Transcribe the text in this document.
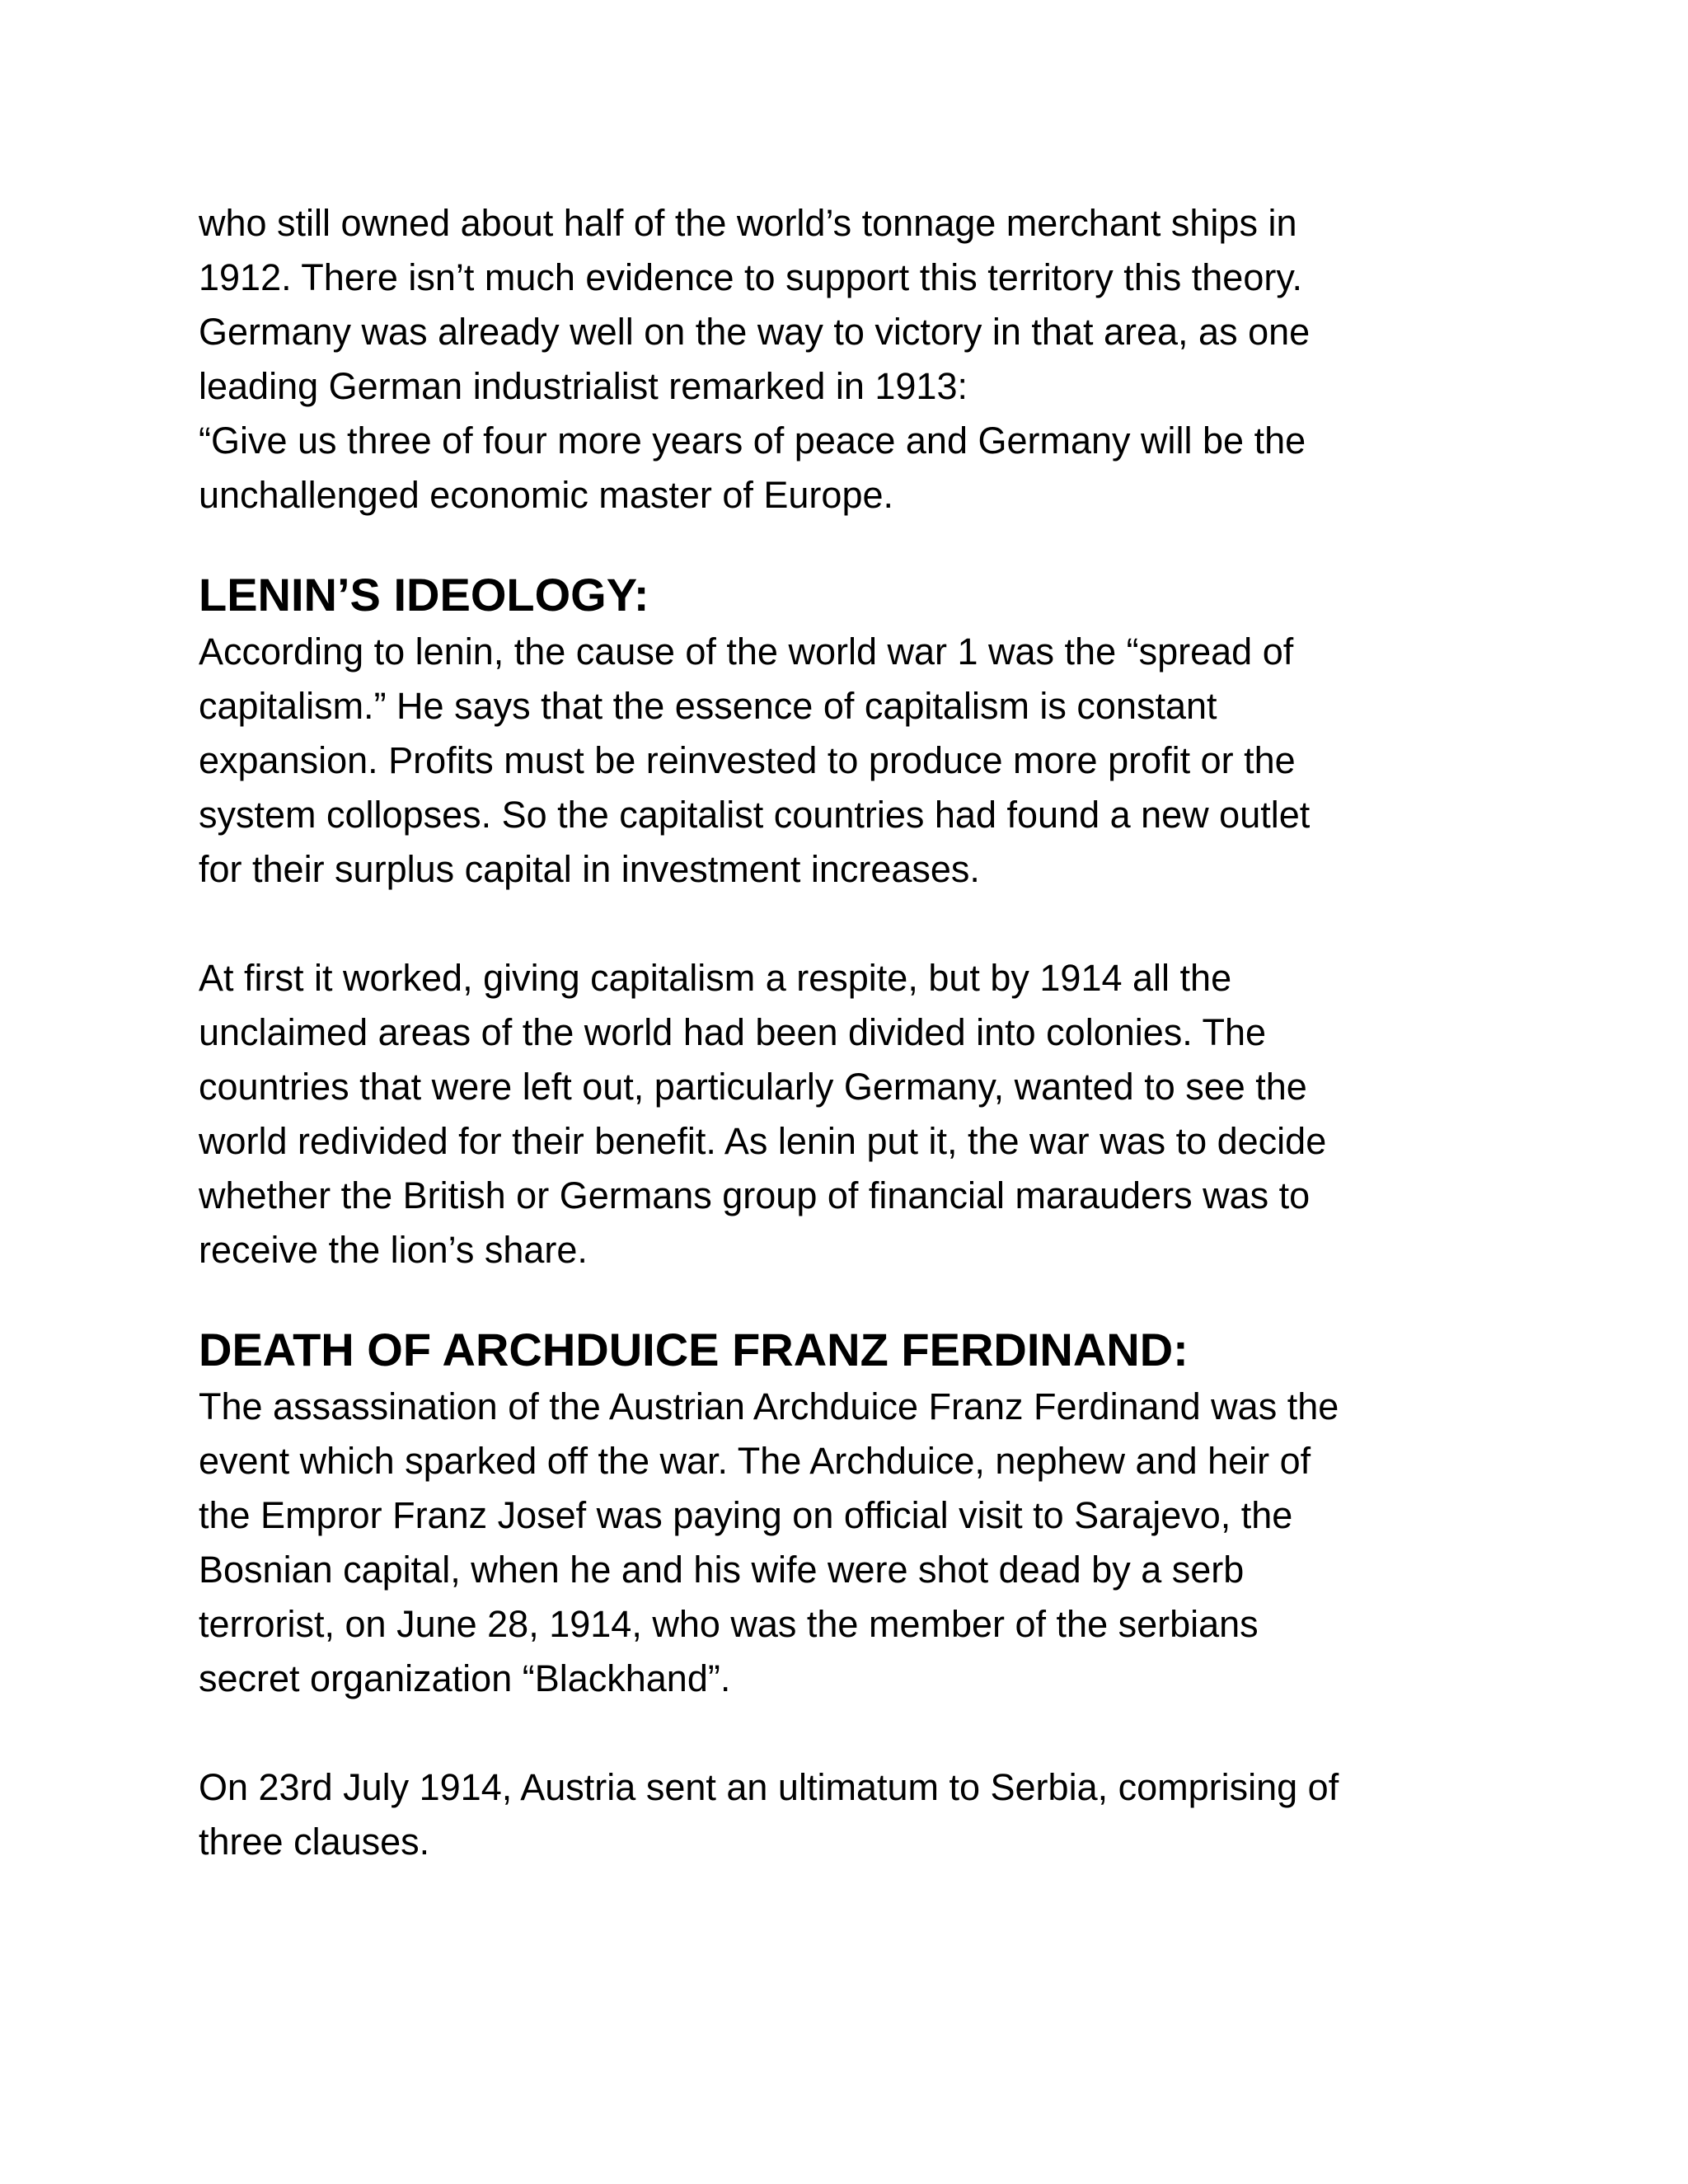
who still owned about half of the world’s tonnage merchant ships in
1912. There isn’t much evidence to support this territory this theory.
Germany was already well on the way to victory in that area, as one
leading German industrialist remarked in 1913:
“Give us three of four more years of peace and Germany will be the
unchallenged economic master of Europe.

LENIN’S IDEOLOGY:

According to lenin, the cause of the world war 1 was the “spread of
capitalism.” He says that the essence of capitalism is constant
expansion. Profits must be reinvested to produce more profit or the
system collopses. So the capitalist countries had found a new outlet
for their surplus capital in investment increases.

At first it worked, giving capitalism a respite, but by 1914 all the
unclaimed areas of the world had been divided into colonies. The
countries that were left out, particularly Germany, wanted to see the
world redivided for their benefit. As lenin put it, the war was to decide
whether the British or Germans group of financial marauders was to
receive the lion’s share.

DEATH OF ARCHDUICE FRANZ FERDINAND:

The assassination of the Austrian Archduice Franz Ferdinand was the
event which sparked off the war. The Archduice, nephew and heir of
the Empror Franz Josef was paying on official visit to Sarajevo, the
Bosnian capital, when he and his wife were shot dead by a serb
terrorist, on June 28, 1914, who was the member of the serbians
secret organization “Blackhand”.

On 23rd July 1914, Austria sent an ultimatum to Serbia, comprising of
three clauses.
